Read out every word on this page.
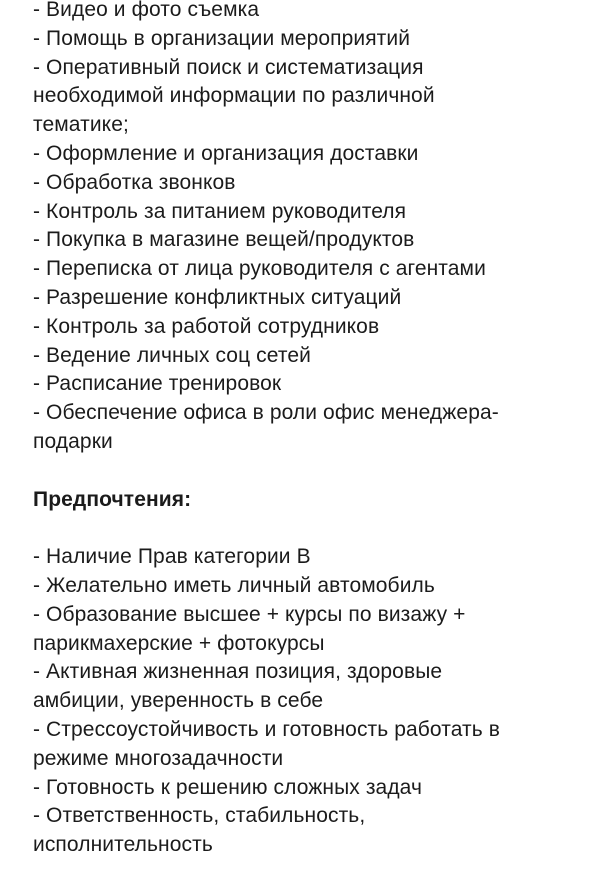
- Видео и фото съемка
- Помощь в организации мероприятий
- Оперативный поиск и систематизация
необходимой информации по различной
тематике;
- Оформление и организация доставки
- Обработка звонков
- Контроль за питанием руководителя
- Покупка в магазине вещей/продуктов
- Переписка от лица руководителя с агентами
- Разрешение конфликтных ситуаций
- Контроль за работой сотрудников
- Ведение личных соц сетей
- Расписание тренировок
- Обеспечение офиса в роли офис менеджера-
подарки
Предпочтения:
- Наличие Прав категории В
- Желательно иметь личный автомобиль
- Образование высшее + курсы по визажу +
парикмахерские + фотокурсы
- Активная жизненная позиция, здоровые
амбиции, уверенность в себе
- Стрессоустойчивость и готовность работать в
режиме многозадачности
- Готовность к решению сложных задач
- Ответственность, стабильность,
исполнительность
